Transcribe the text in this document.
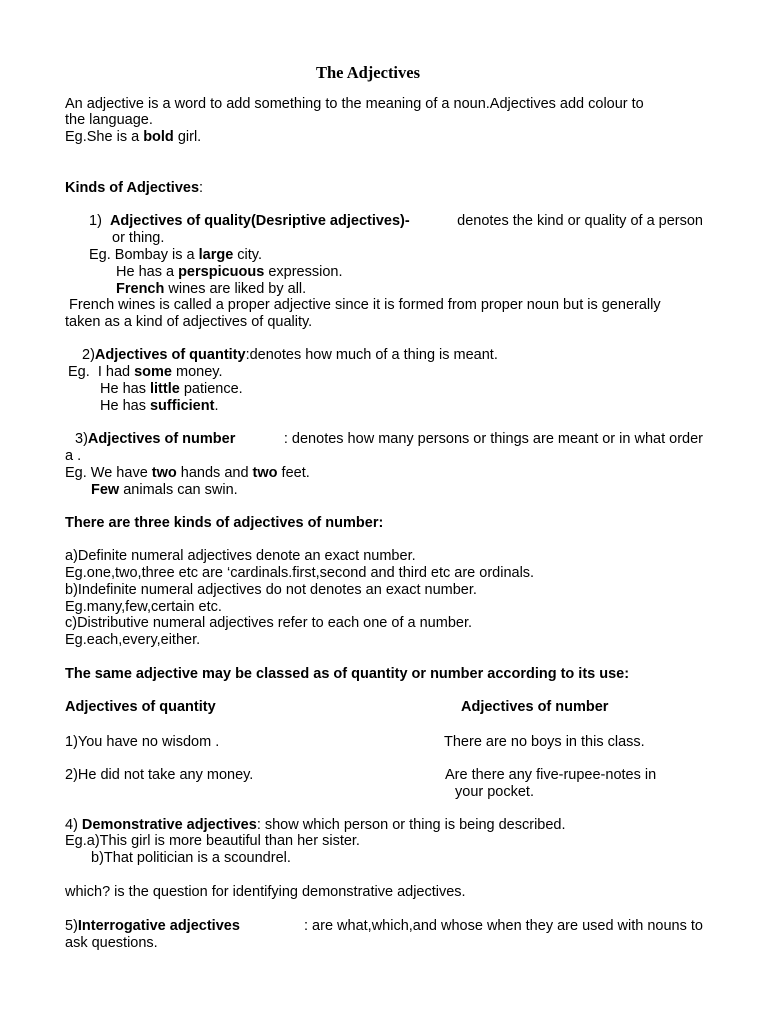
The Adjectives
An adjective is a word to add something to the meaning of a noun.Adjectives add colour to
the language.
Eg.She is a bold girl.
Kinds of Adjectives:
1)  Adjectives of quality(Desriptive adjectives)-	denotes the kind or quality of a person
or thing.
Eg. Bombay is a large city.
He has a perspicuous expression.
French wines are liked by all.
French wines is called a proper adjective since it is formed from proper noun but is generally
taken as a kind of adjectives of quality.
2)Adjectives of quantity:denotes how much of a thing is meant.
Eg.  I had some money.
He has little patience.
He has sufficient.
3)Adjectives of number	: denotes how many persons or things are meant or in what order
a .
Eg. We have two hands and two feet.
Few animals can swin.
There are three kinds of adjectives of number:
a)Definite numeral adjectives denote an exact number.
Eg.one,two,three etc are ‘cardinals.first,second and third etc are ordinals.
b)Indefinite numeral adjectives do not denotes an exact number.
Eg.many,few,certain etc.
c)Distributive numeral adjectives refer to each one of a number.
Eg.each,every,either.
The same adjective may be classed as of quantity or number according to its use:
Adjectives of quantity	Adjectives of number
1)You have no wisdom .	There are no boys in this class.
2)He did not take any money.	Are there any five-rupee-notes in
your pocket.
4) Demonstrative adjectives: show which person or thing is being described.
Eg.a)This girl is more beautiful than her sister.
b)That politician is a scoundrel.
which? is the question for identifying demonstrative adjectives.
5)Interrogative adjectives	: are what,which,and whose when they are used with nouns to
ask questions.
